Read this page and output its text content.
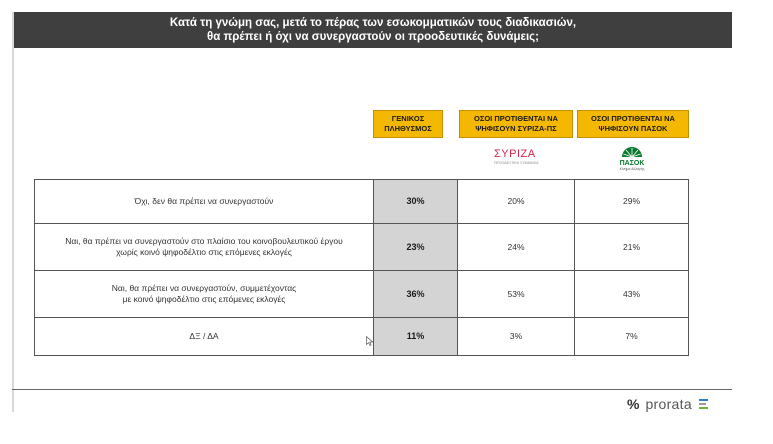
Κατά τη γνώμη σας, μετά το πέρας των εσωκομματικών τους διαδικασιών,
θα πρέπει ή όχι να συνεργαστούν οι προοδευτικές δυνάμεις;
ΓΕΝΙΚΟΣ
ΠΛΗΘΥΣΜΟΣ
ΟΣΟΙ ΠΡΟΤΙΘΕΝΤΑΙ ΝΑ
ΨΗΦΙΣΟΥΝ ΣΥΡΙΖΑ-ΠΣ
ΟΣΟΙ ΠΡΟΤΙΘΕΝΤΑΙ ΝΑ
ΨΗΦΙΣΟΥΝ ΠΑΣΟΚ
ΣΥΡΙΖΑ
ΠΡΟΟΔΕΥΤΙΚΗ ΣΥΜΜΑΧΙΑ	ΠΑΣΟΚ
Κίνημα Αλλαγής
Όχι, δεν θα πρέπει να συνεργαστούν	30%	20%	29%
Ναι, θα πρέπει να συνεργαστούν στο πλαίσιο του κοινοβουλευτικού έργου
χωρίς κοινό ψηφοδέλτιο στις επόμενες εκλογές
23%	24%	21%
Ναι, θα πρέπει να συνεργαστούν, συμμετέχοντας
με κοινό ψηφοδέλτιο στις επόμενες εκλογές
36%	53%	43%
ΔΞ / ΔΑ	11%	3%	7%
% prorata
